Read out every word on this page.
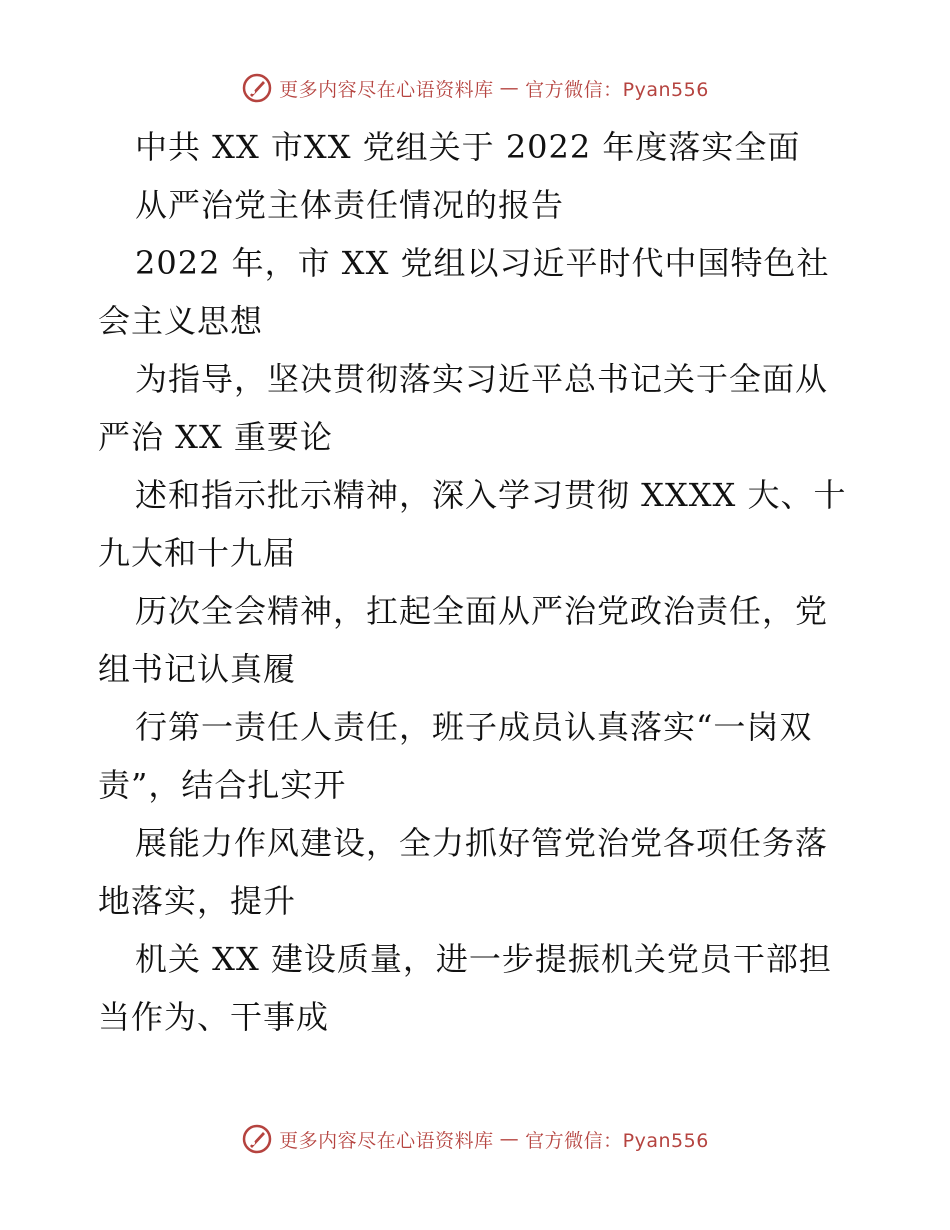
更多内容尽在心语资料库 — 官方微信：Pyan556
中共 XX 市XX 党组关于 2022 年度落实全面
从严治党主体责任情况的报告
2022 年，市 XX 党组以习近平时代中国特色社
会主义思想
为指导，坚决贯彻落实习近平总书记关于全面从
严治 XX 重要论
述和指示批示精神，深入学习贯彻 XXXX 大、十
九大和十九届
历次全会精神，扛起全面从严治党政治责任，党
组书记认真履
行第一责任人责任，班子成员认真落实“一岗双
责”，结合扎实开
展能力作风建设，全力抓好管党治党各项任务落
地落实，提升
机关 XX 建设质量，进一步提振机关党员干部担
当作为、干事成
更多内容尽在心语资料库 — 官方微信：Pyan556
